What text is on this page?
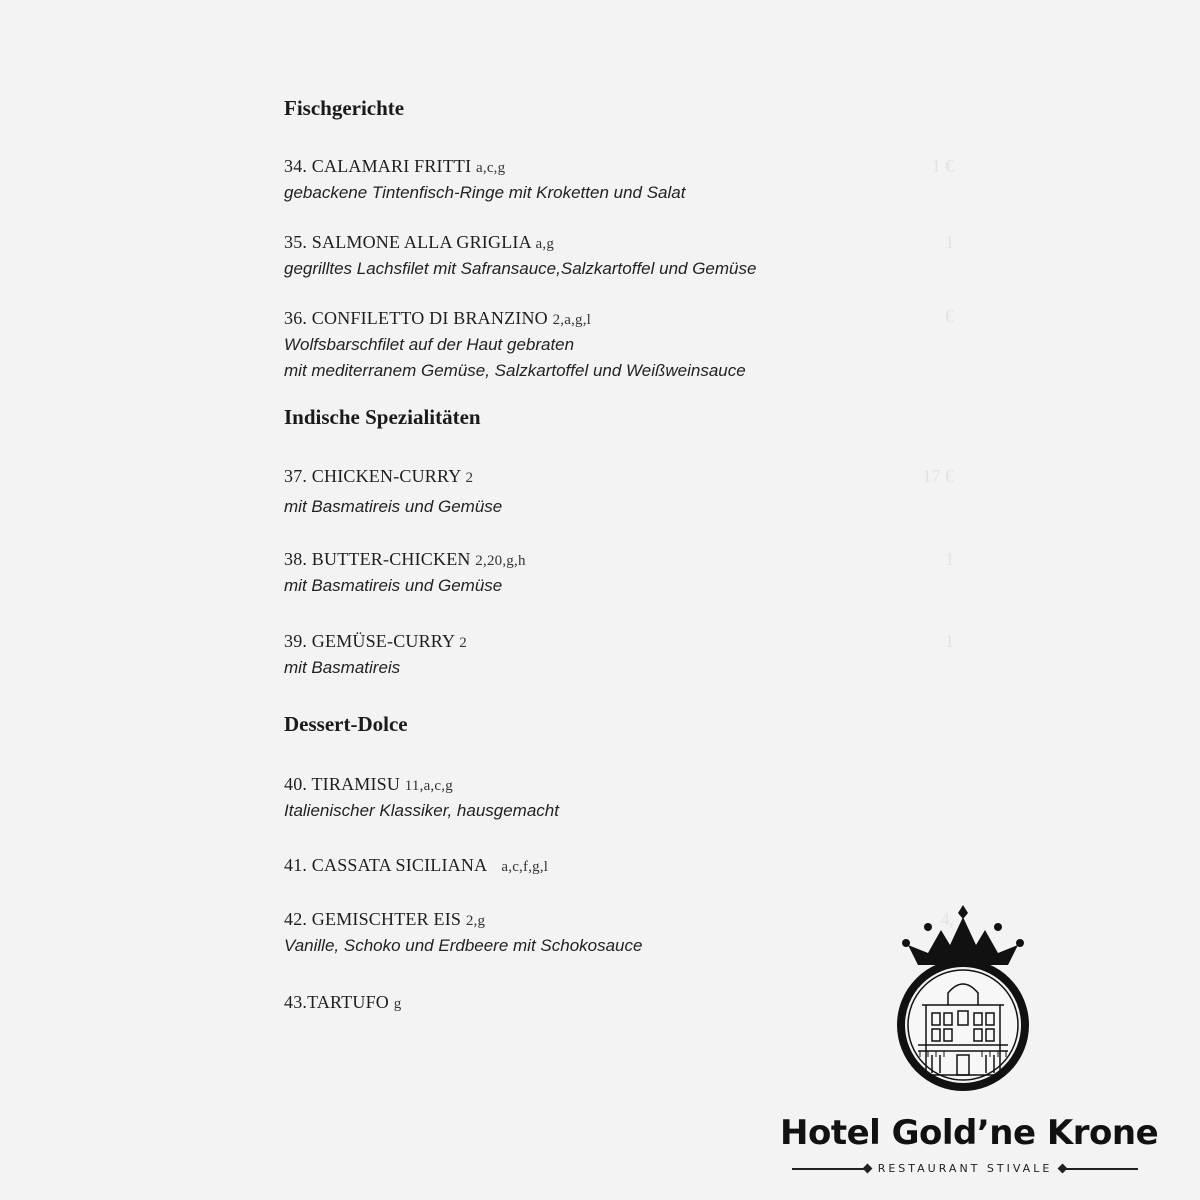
Fischgerichte
34. CALAMARI FRITTI a,c,g
gebackene Tintenfisch-Ringe mit Kroketten und Salat
1 €
35. SALMONE ALLA GRIGLIA a,g
gegrilltes Lachsfilet mit Safransauce,Salzkartoffel und Gemüse
1
36. CONFILETTO DI BRANZINO 2,a,g,l
Wolfsbarschfilet auf der Haut gebraten
mit mediterranem Gemüse, Salzkartoffel und Weißweinsauce
€
Indische Spezialitäten
37. CHICKEN-CURRY 2
mit Basmatireis und Gemüse
17 €
38. BUTTER-CHICKEN 2,20,g,h
mit Basmatireis und Gemüse
1
39. GEMÜSE-CURRY 2
mit Basmatireis
1
Dessert-Dolce
40. TIRAMISU 11,a,c,g
Italienischer Klassiker, hausgemacht
41. CASSATA SICILIANA a,c,f,g,l
42. GEMISCHTER EIS 2,g
Vanille, Schoko und Erdbeere mit Schokosauce
4,
43.TARTUFO g
Hotel Gold’ne Krone
RESTAURANT STIVALE
